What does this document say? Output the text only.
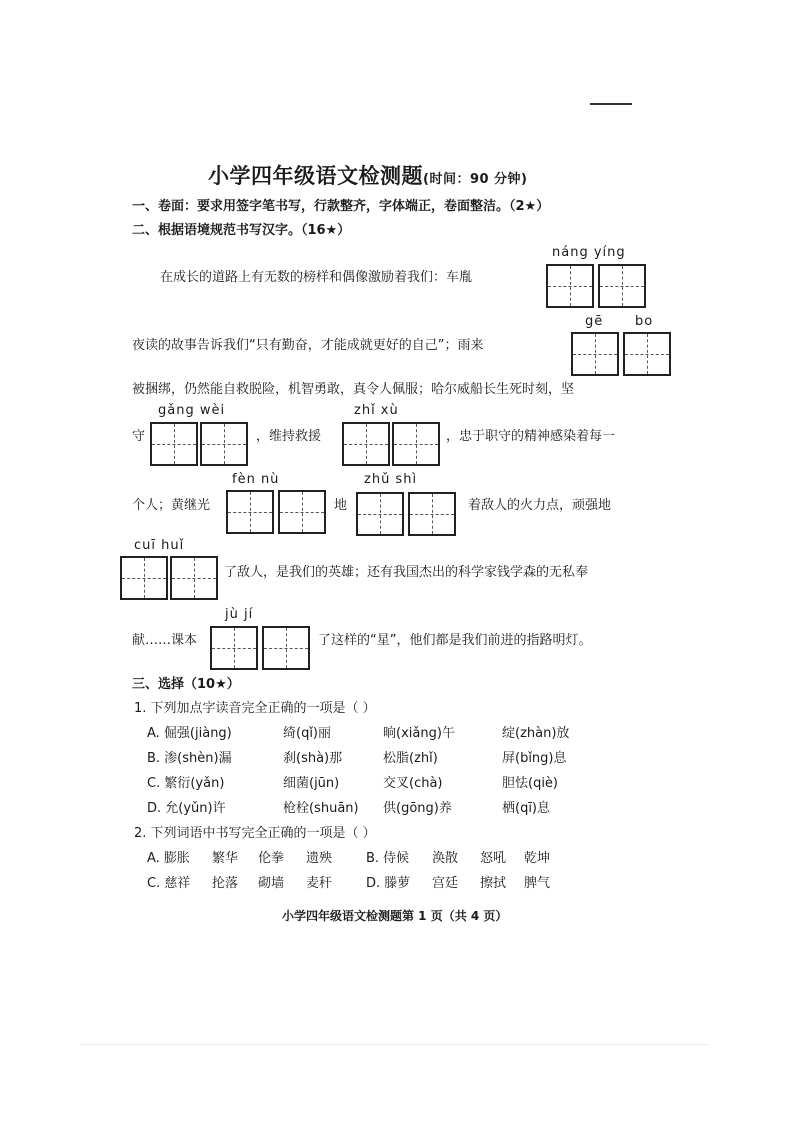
小学四年级语文检测题(时间：90 分钟)
一、卷面：要求用签字笔书写，行款整齐，字体端正，卷面整洁。（2★）
二、根据语境规范书写汉字。（16★）
náng yíng
在成长的道路上有无数的榜样和偶像激励着我们：车胤
gē bo
夜读的故事告诉我们“只有勤奋，才能成就更好的自己”；雨来
被捆绑，仍然能自救脱险，机智勇敢，真令人佩服；哈尔威船长生死时刻，坚
gǎng wèi	zhǐ xù
守	，维持救援	，忠于职守的精神感染着每一
fèn nù	zhǔ shì
个人；黄继光	地	着敌人的火力点，顽强地
cuī huǐ
了敌人，是我们的英雄；还有我国杰出的科学家钱学森的无私奉
jù jí
献……课本	了这样的“星”，他们都是我们前进的指路明灯。
三、选择（10★）
1. 下列加点字读音完全正确的一项是（ ）
A. 倔强(jiàng)	绮(qǐ)丽	晌(xiǎng)午	绽(zhàn)放
B. 渗(shèn)漏	刹(shà)那	松脂(zhǐ)	屏(bǐng)息
C. 繁衍(yǎn)	细菌(jūn)	交叉(chà)	胆怯(qiè)
D. 允(yǔn)许	枪栓(shuān) 供(gōng)养	栖(qī)息
2. 下列词语中书写完全正确的一项是（ ）
A. 膨胀 繁华 伦拳 遗殃	B. 侍候 涣散 怒吼 乾坤
C. 慈祥 抡落 砌墙 麦秆	D. 滕萝 宫廷 擦拭 脾气
小学四年级语文检测题第 1 页（共 4 页）
